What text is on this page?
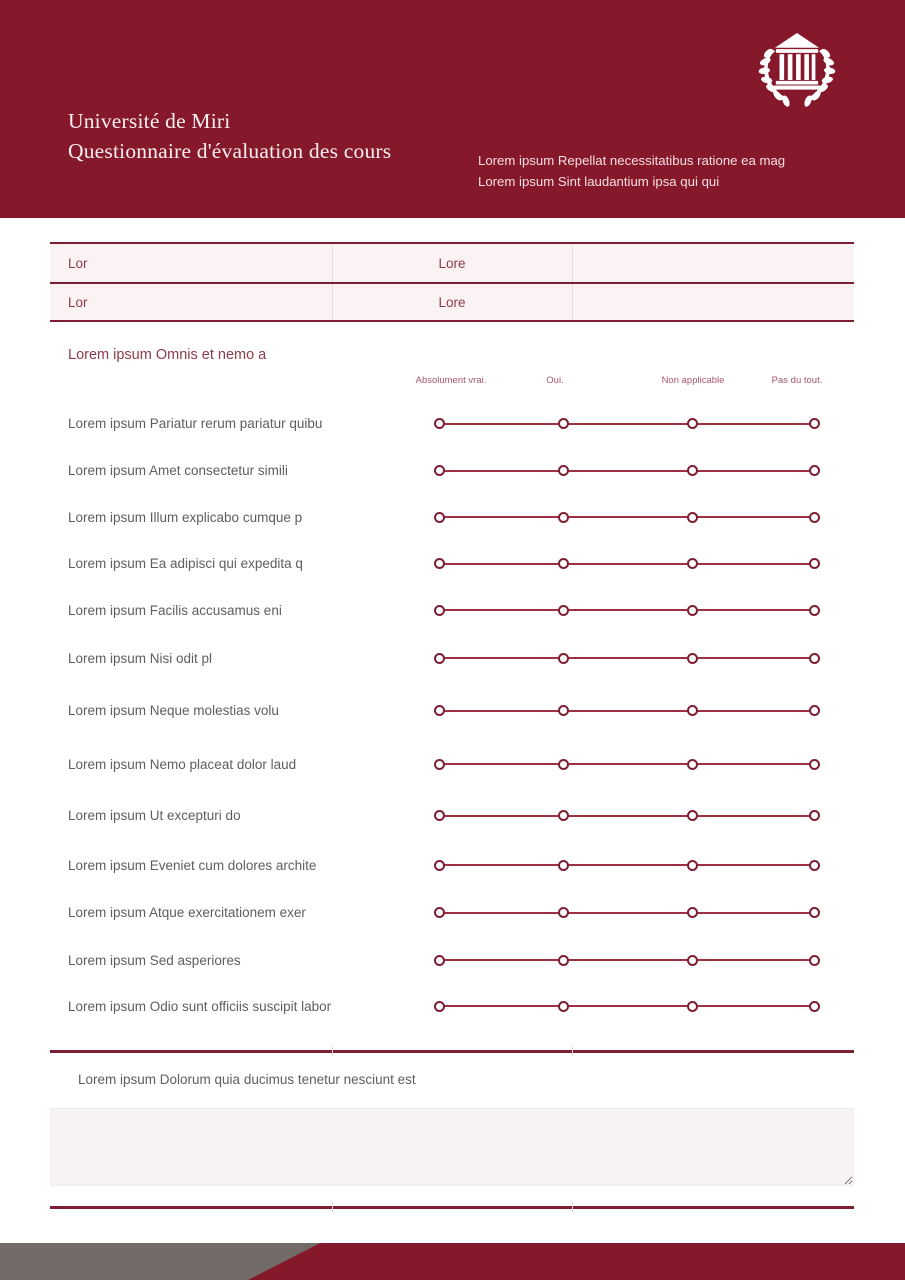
Université de Miri
Questionnaire d'évaluation des cours	Lorem ipsum Repellat necessitatibus ratione ea mag
Lorem ipsum Sint laudantium ipsa qui qui
Lor	Lore
Lor	Lore
Lorem ipsum Omnis et nemo a
Absolument vrai.	Oui.	Non applicable	Pas du tout.
Lorem ipsum Pariatur rerum pariatur quibu
Lorem ipsum Amet consectetur simili
Lorem ipsum Illum explicabo cumque p
Lorem ipsum Ea adipisci qui expedita q
Lorem ipsum Facilis accusamus eni
Lorem ipsum Nisi odit pl
Lorem ipsum Neque molestias volu
Lorem ipsum Nemo placeat dolor laud
Lorem ipsum Ut excepturi do
Lorem ipsum Eveniet cum dolores archite
Lorem ipsum Atque exercitationem exer
Lorem ipsum Sed asperiores
Lorem ipsum Odio sunt officiis suscipit labor
Lorem ipsum Dolorum quia ducimus tenetur nesciunt est
